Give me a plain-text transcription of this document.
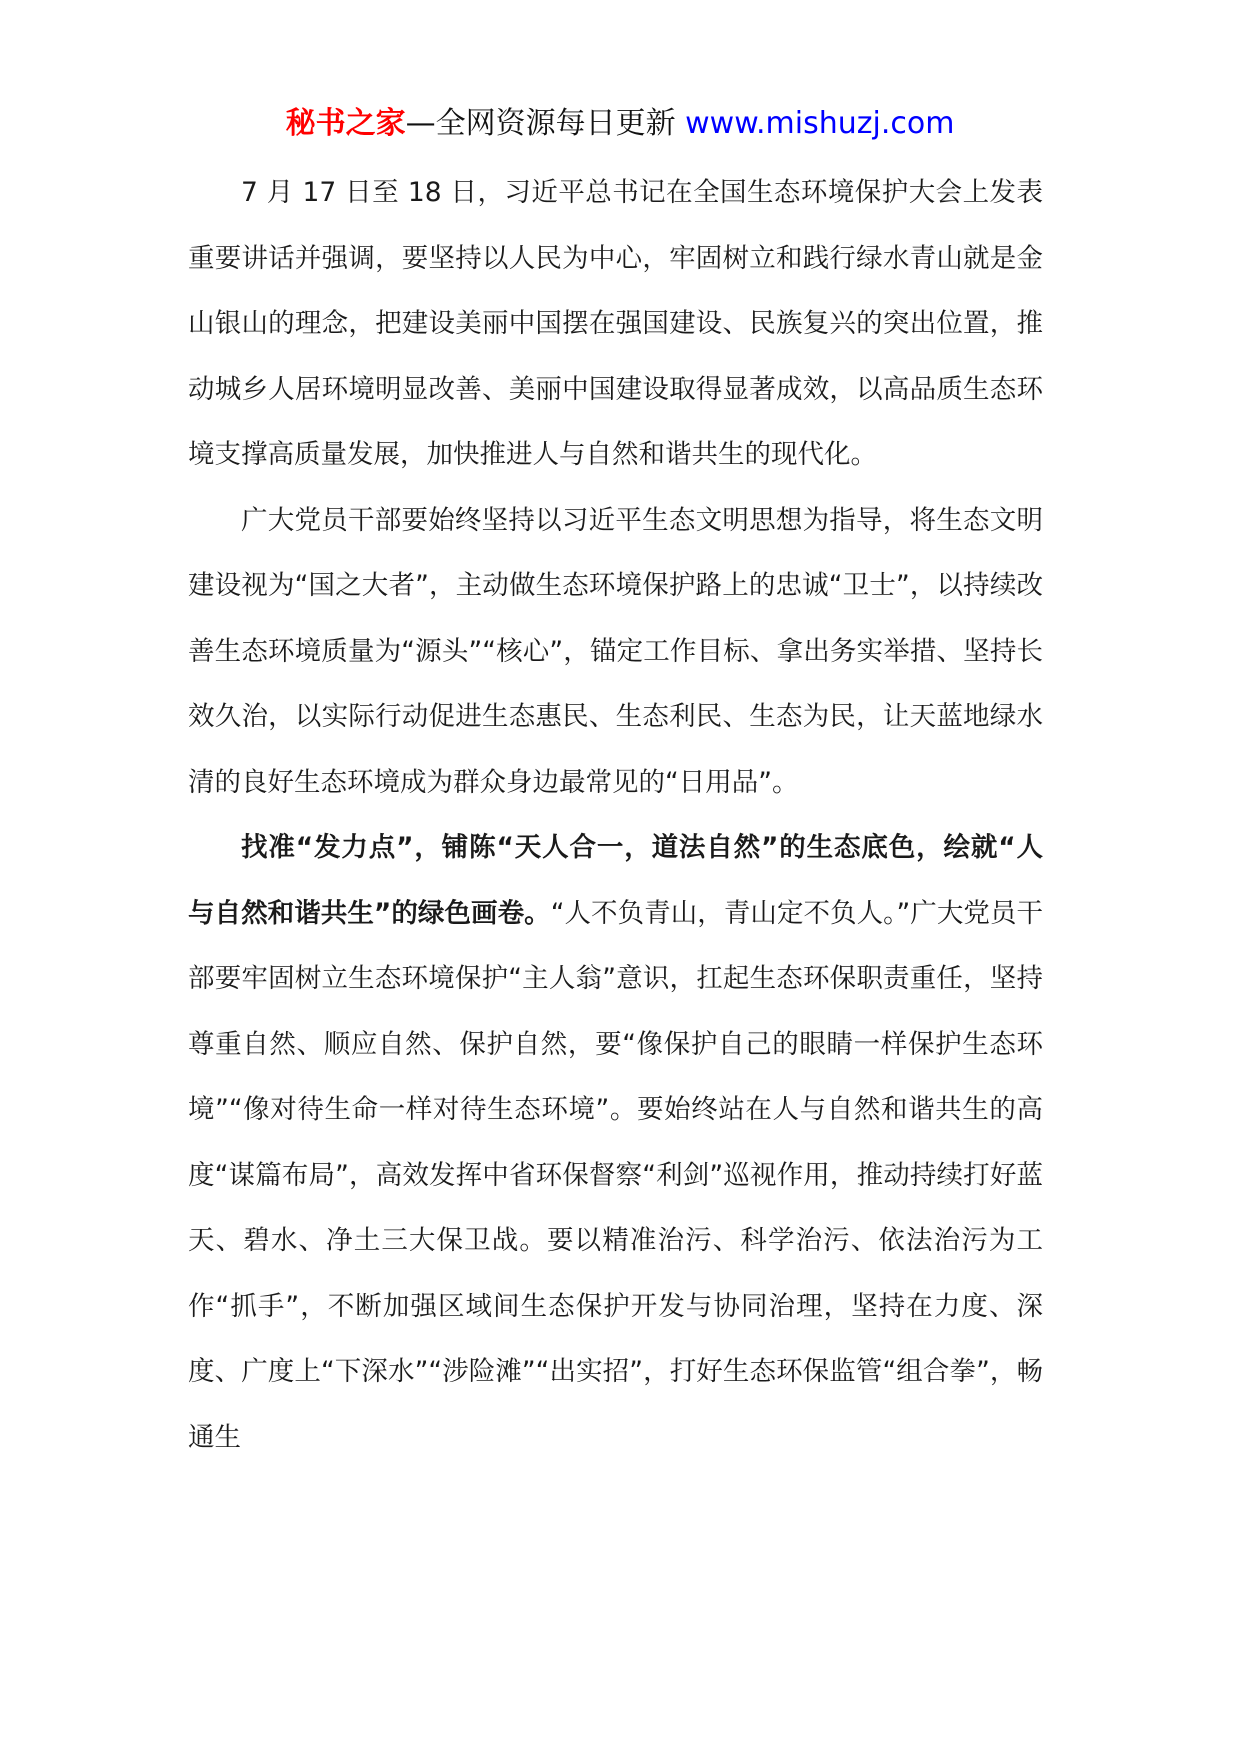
秘书之家—全网资源每日更新 www.mishuzj.com

7 月 17 日至 18 日，习近平总书记在全国生态环境保护大会上发表重要讲话并强调，要坚持以人民为中心，牢固树立和践行绿水青山就是金山银山的理念，把建设美丽中国摆在强国建设、民族复兴的突出位置，推动城乡人居环境明显改善、美丽中国建设取得显著成效，以高品质生态环境支撑高质量发展，加快推进人与自然和谐共生的现代化。

广大党员干部要始终坚持以习近平生态文明思想为指导，将生态文明建设视为“国之大者”，主动做生态环境保护路上的忠诚“卫士”，以持续改善生态环境质量为“源头”“核心”，锚定工作目标、拿出务实举措、坚持长效久治，以实际行动促进生态惠民、生态利民、生态为民，让天蓝地绿水清的良好生态环境成为群众身边最常见的“日用品”。

找准“发力点”，铺陈“天人合一，道法自然”的生态底色，绘就“人与自然和谐共生”的绿色画卷。“人不负青山，青山定不负人。”广大党员干部要牢固树立生态环境保护“主人翁”意识，扛起生态环保职责重任，坚持尊重自然、顺应自然、保护自然，要“像保护自己的眼睛一样保护生态环境”“像对待生命一样对待生态环境”。要始终站在人与自然和谐共生的高度“谋篇布局”，高效发挥中省环保督察“利剑”巡视作用，推动持续打好蓝天、碧水、净土三大保卫战。要以精准治污、科学治污、依法治污为工作“抓手”，不断加强区域间生态保护开发与协同治理，坚持在力度、深度、广度上“下深水”“涉险滩”“出实招”，打好生态环保监管“组合拳”，畅通生
